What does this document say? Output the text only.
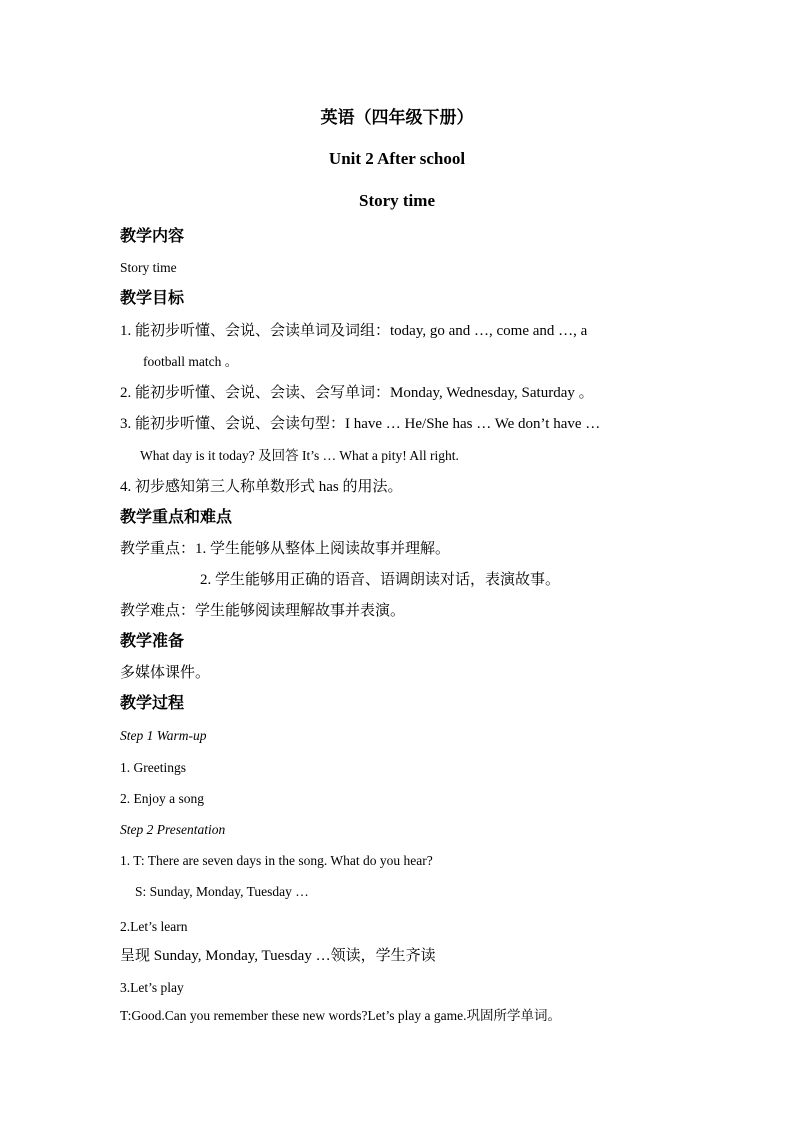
英语（四年级下册）
Unit 2 After school
Story time
教学内容
Story time
教学目标
1. 能初步听懂、会说、会读单词及词组：today, go and …, come and …, a
football match 。
2. 能初步听懂、会说、会读、会写单词：Monday, Wednesday, Saturday 。
3. 能初步听懂、会说、会读句型：I have … He/She has … We don’t have …
What day is it today? 及回答 It’s … What a pity! All right.
4. 初步感知第三人称单数形式 has 的用法。
教学重点和难点
教学重点：1. 学生能够从整体上阅读故事并理解。
2. 学生能够用正确的语音、语调朗读对话，表演故事。
教学难点：学生能够阅读理解故事并表演。
教学准备
多媒体课件。
教学过程
Step 1 Warm-up
1. Greetings
2. Enjoy a song
Step 2 Presentation
1. T: There are seven days in the song. What do you hear?
S: Sunday, Monday, Tuesday …
2.Let’s learn
呈现 Sunday, Monday, Tuesday …领读，学生齐读
3.Let’s play
T:Good.Can you remember these new words?Let’s play a game.巩固所学单词。
